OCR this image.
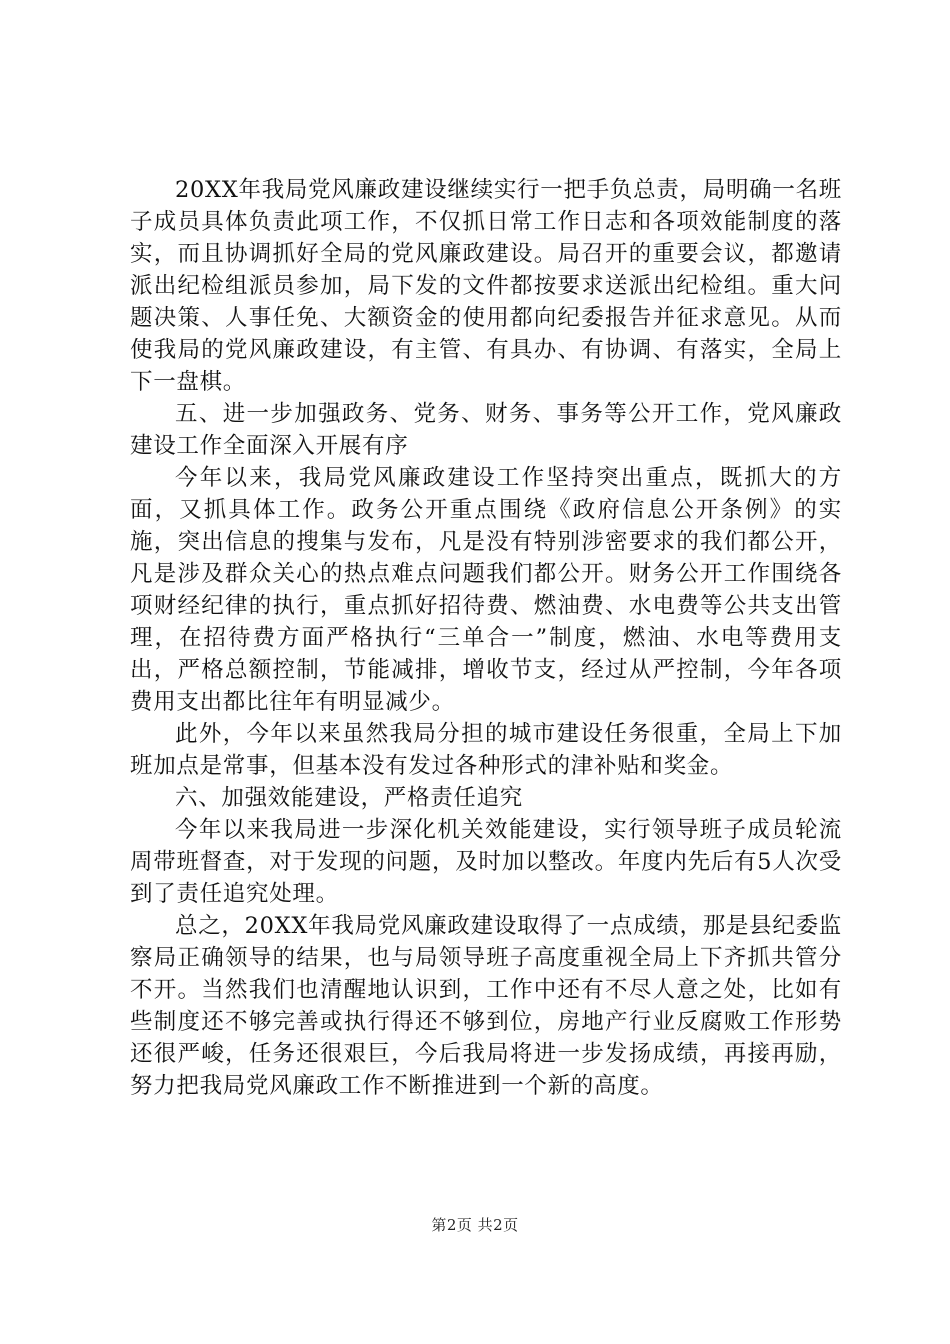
20XX年我局党风廉政建设继续实行一把手负总责，局明确一名班子成员具体负责此项工作，不仅抓日常工作日志和各项效能制度的落实，而且协调抓好全局的党风廉政建设。局召开的重要会议，都邀请派出纪检组派员参加，局下发的文件都按要求送派出纪检组。重大问题决策、人事任免、大额资金的使用都向纪委报告并征求意见。从而使我局的党风廉政建设，有主管、有具办、有协调、有落实，全局上下一盘棋。

五、进一步加强政务、党务、财务、事务等公开工作，党风廉政建设工作全面深入开展有序

今年以来，我局党风廉政建设工作坚持突出重点，既抓大的方面，又抓具体工作。政务公开重点围绕《政府信息公开条例》的实施，突出信息的搜集与发布，凡是没有特别涉密要求的我们都公开，凡是涉及群众关心的热点难点问题我们都公开。财务公开工作围绕各项财经纪律的执行，重点抓好招待费、燃油费、水电费等公共支出管理，在招待费方面严格执行“三单合一”制度，燃油、水电等费用支出，严格总额控制，节能减排，增收节支，经过从严控制，今年各项费用支出都比往年有明显减少。

此外，今年以来虽然我局分担的城市建设任务很重，全局上下加班加点是常事，但基本没有发过各种形式的津补贴和奖金。

六、加强效能建设，严格责任追究

今年以来我局进一步深化机关效能建设，实行领导班子成员轮流周带班督查，对于发现的问题，及时加以整改。年度内先后有5人次受到了责任追究处理。

总之，20XX年我局党风廉政建设取得了一点成绩，那是县纪委监察局正确领导的结果，也与局领导班子高度重视全局上下齐抓共管分不开。当然我们也清醒地认识到，工作中还有不尽人意之处，比如有些制度还不够完善或执行得还不够到位，房地产行业反腐败工作形势还很严峻，任务还很艰巨，今后我局将进一步发扬成绩，再接再励，努力把我局党风廉政工作不断推进到一个新的高度。

第2页 共2页
